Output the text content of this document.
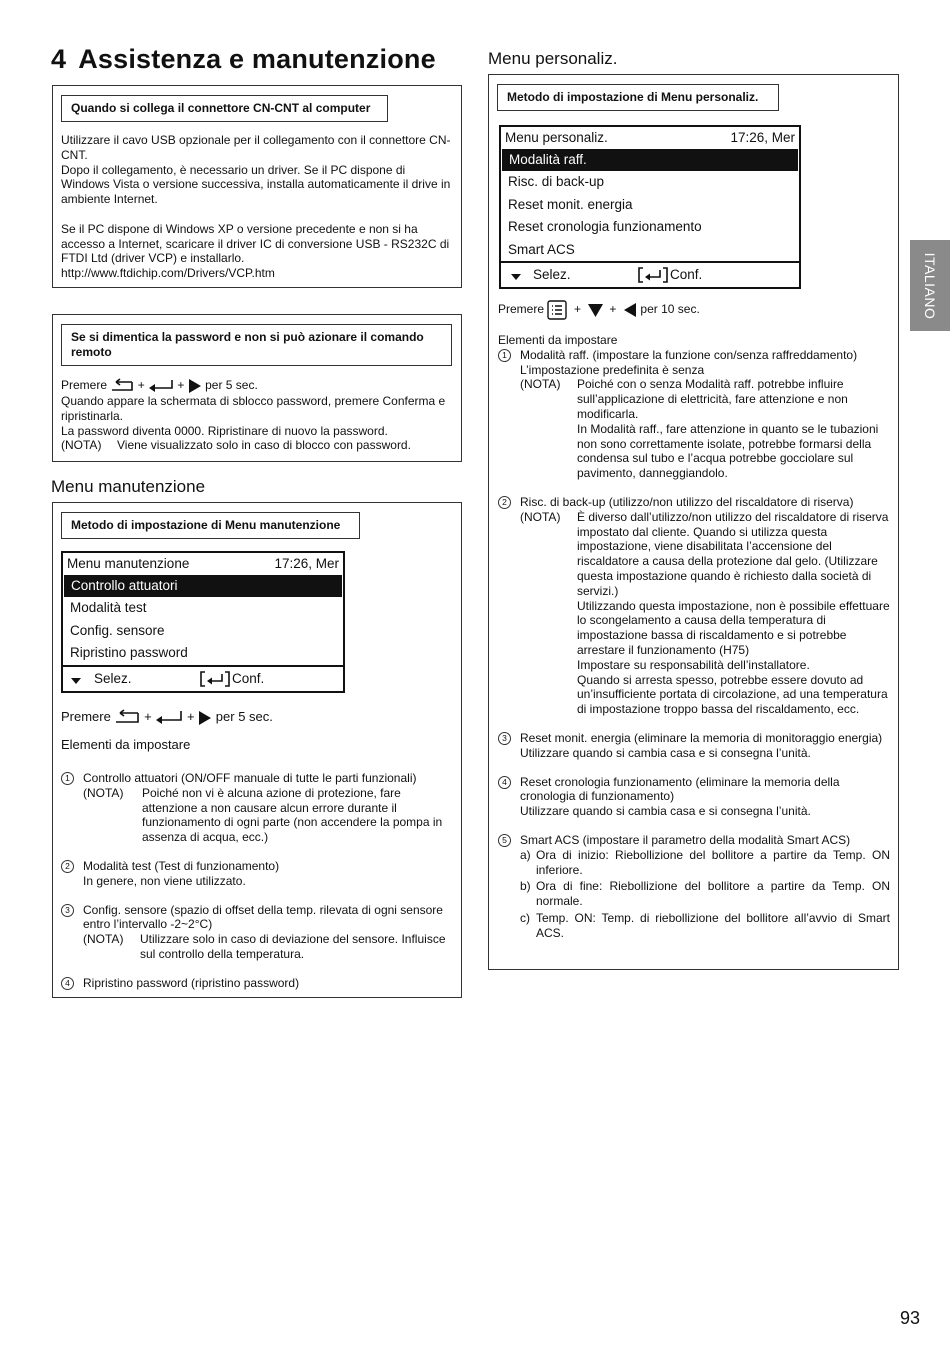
4 Assistenza e manutenzione
Quando si collega il connettore CN-CNT al computer

Utilizzare il cavo USB opzionale per il collegamento con il connettore CN-CNT.

Dopo il collegamento, è necessario un driver. Se il PC dispone di Windows Vista o versione successiva, installa automaticamente il drive in ambiente Internet.

Se il PC dispone di Windows XP o versione precedente e non si ha accesso a Internet, scaricare il driver IC di conversione USB - RS232C di FTDI Ltd (driver VCP) e installarlo.

http://www.ftdichip.com/Drivers/VCP.htm

Se si dimentica la password e non si può azionare il comando remoto

Premere	+	+ per 5 sec.

Quando appare la schermata di sblocco password, premere Conferma e ripristinarla.

La password diventa 0000. Ripristinare di nuovo la password.

(NOTA)	Viene visualizzato solo in caso di blocco con password.
Menu manutenzione
Metodo di impostazione di Menu manutenzione
Menu manutenzione	17:26, Mer
Controllo attuatori
Modalità test
Config. sensore
Ripristino password
Selez.	Conf.

Premere	+	+ per 5 sec.

Elementi da impostare

1	Controllo attuatori (ON/OFF manuale di tutte le parti funzionali)

(NOTA)	Poiché non vi è alcuna azione di protezione, fare attenzione a non causare alcun errore durante il funzionamento di ogni parte (non accendere la pompa in assenza di acqua, ecc.)
2	Modalità test (Test di funzionamento)

In genere, non viene utilizzato.

3	Config. sensore (spazio di offset della temp. rilevata di ogni sensore entro l’intervallo -2~2°C)

(NOTA)	Utilizzare solo in caso di deviazione del sensore. Influisce sul controllo della temperatura.
4	Ripristino password (ripristino password)

Menu personaliz.
Metodo di impostazione di Menu personaliz.
Menu personaliz.	17:26, Mer
Modalità raff.
Risc. di back-up
Reset monit. energia
Reset cronologia funzionamento
Smart ACS
Selez.	Conf.

Premere	+ + per 10 sec.

Elementi da impostare

1	Modalità raff. (impostare la funzione con/senza raffreddamento)

L’impostazione predefinita è senza

(NOTA)	Poiché con o senza Modalità raff. potrebbe influire sull’applicazione di elettricità, fare attenzione e non modificarla.

In Modalità raff., fare attenzione in quanto se le tubazioni non sono correttamente isolate, potrebbe formarsi della condensa sul tubo e l’acqua potrebbe gocciolare sul pavimento, danneggiandolo.

2	Risc. di back-up (utilizzo/non utilizzo del riscaldatore di riserva)

(NOTA)	È diverso dall’utilizzo/non utilizzo del riscaldatore di riserva impostato dal cliente. Quando si utilizza questa impostazione, viene disabilitata l’accensione del riscaldatore a causa della protezione dal gelo. (Utilizzare questa impostazione quando è richiesto dalla società di servizi.)

Utilizzando questa impostazione, non è possibile effettuare lo scongelamento a causa della temperatura di impostazione bassa di riscaldamento e si potrebbe arrestare il funzionamento (H75)

Impostare su responsabilità dell’installatore.

Quando si arresta spesso, potrebbe essere dovuto ad un’insufficiente portata di circolazione, ad una temperatura di impostazione troppo bassa del riscaldamento, ecc.

3	Reset monit. energia (eliminare la memoria di monitoraggio energia)

Utilizzare quando si cambia casa e si consegna l’unità.

4	Reset cronologia funzionamento (eliminare la memoria della cronologia di funzionamento)

Utilizzare quando si cambia casa e si consegna l’unità.

5	Smart ACS (impostare il parametro della modalità Smart ACS)

a) Ora di inizio: Riebollizione del bollitore a partire da Temp. ON inferiore.
b) Ora di fine: Riebollizione del bollitore a partire da Temp. ON normale.
c) Temp. ON: Temp. di riebollizione del bollitore all’avvio di Smart ACS.
ITALIANO
93
